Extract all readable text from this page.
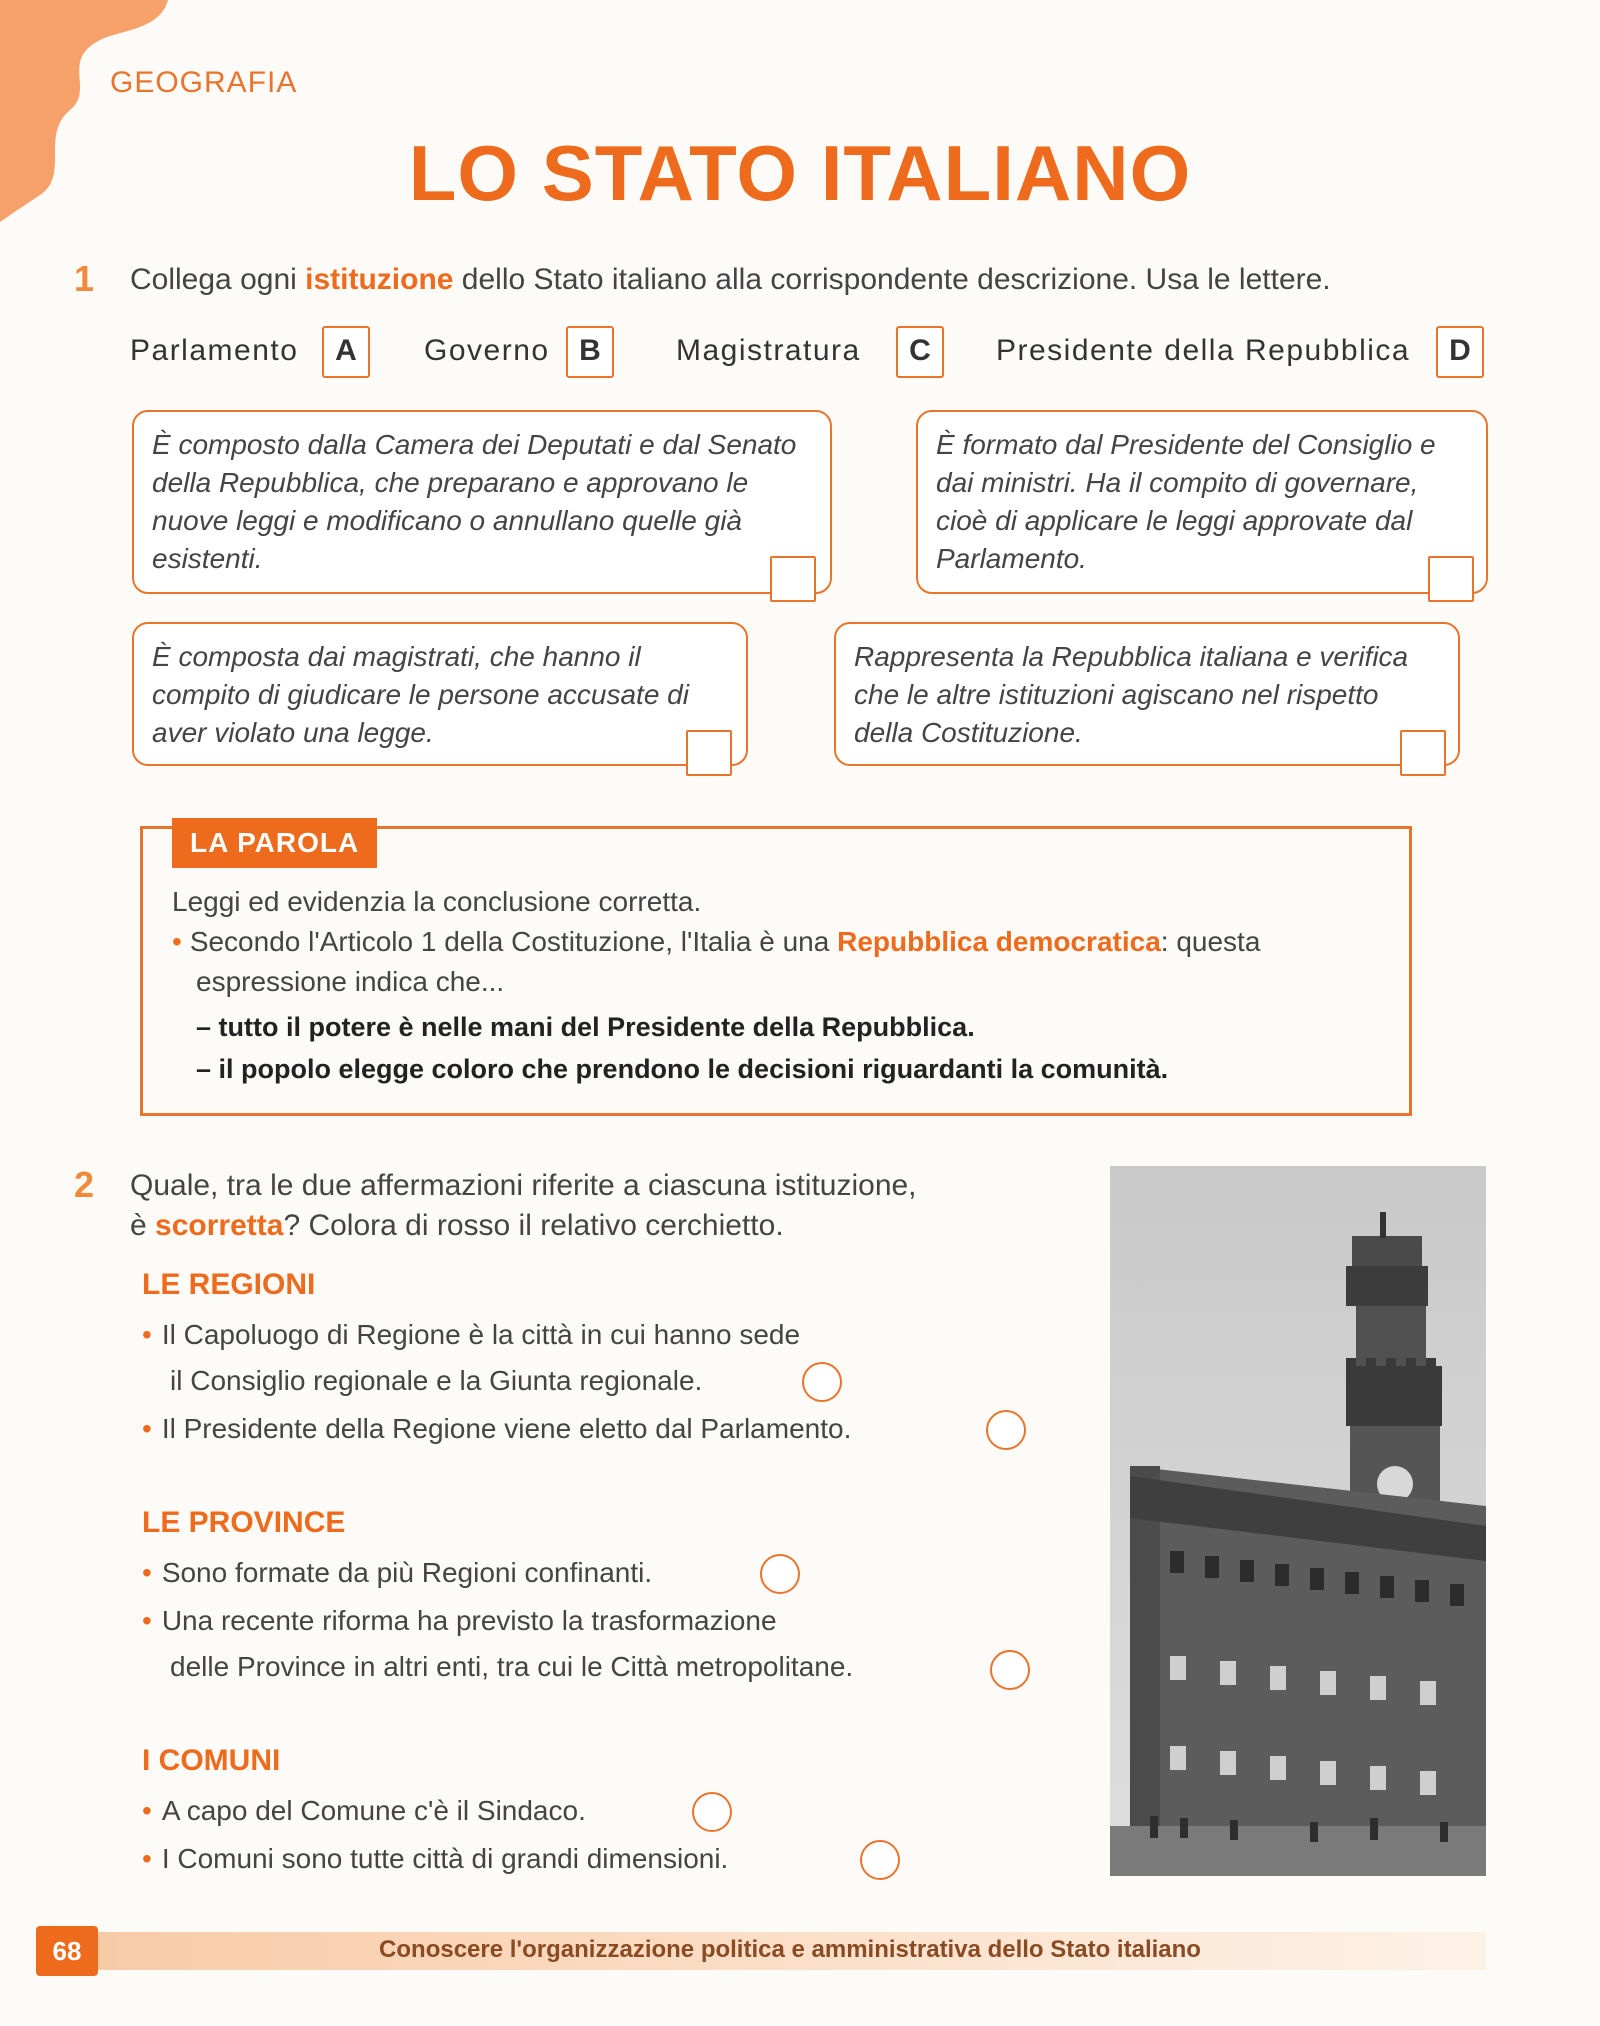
GEOGRAFIA
LO STATO ITALIANO
1 Collega ogni istituzione dello Stato italiano alla corrispondente descrizione. Usa le lettere.
Parlamento	A	Governo B	Magistratura	C	Presidente della Repubblica	D
È composto dalla Camera dei Deputati e dal Senato della Repubblica, che preparano e approvano le nuove leggi e modificano o annullano quelle già esistenti.
È formato dal Presidente del Consiglio e dai ministri. Ha il compito di governare, cioè di applicare le leggi approvate dal Parlamento.
È composta dai magistrati, che hanno il compito di giudicare le persone accusate di aver violato una legge.
Rappresenta la Repubblica italiana e verifica che le altre istituzioni agiscano nel rispetto della Costituzione.
LA PAROLA
Leggi ed evidenzia la conclusione corretta.
• Secondo l'Articolo 1 della Costituzione, l'Italia è una Repubblica democratica: questa
espressione indica che...
– tutto il potere è nelle mani del Presidente della Repubblica.
– il popolo elegge coloro che prendono le decisioni riguardanti la comunità.
2 Quale, tra le due affermazioni riferite a ciascuna istituzione,
è scorretta? Colora di rosso il relativo cerchietto.
LE REGIONI
• Il Capoluogo di Regione è la città in cui hanno sede
il Consiglio regionale e la Giunta regionale.
• Il Presidente della Regione viene eletto dal Parlamento.
LE PROVINCE
• Sono formate da più Regioni confinanti.
• Una recente riforma ha previsto la trasformazione
delle Province in altri enti, tra cui le Città metropolitane.
I COMUNI
• A capo del Comune c'è il Sindaco.
• I Comuni sono tutte città di grandi dimensioni.
68	Conoscere l'organizzazione politica e amministrativa dello Stato italiano
